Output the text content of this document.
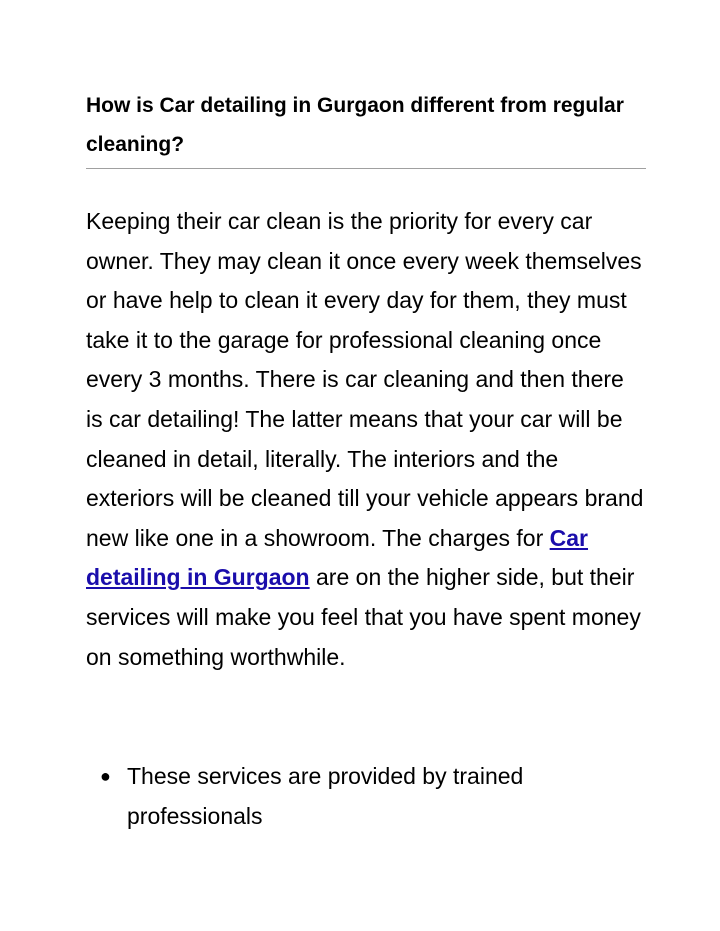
How is Car detailing in Gurgaon different from regular cleaning?

Keeping their car clean is the priority for every car owner. They may clean it once every week themselves or have help to clean it every day for them, they must take it to the garage for professional cleaning once every 3 months. There is car cleaning and then there is car detailing! The latter means that your car will be cleaned in detail, literally. The interiors and the exteriors will be cleaned till your vehicle appears brand new like one in a showroom. The charges for Car detailing in Gurgaon are on the higher side, but their services will make you feel that you have spent money on something worthwhile.

● These services are provided by trained professionals
